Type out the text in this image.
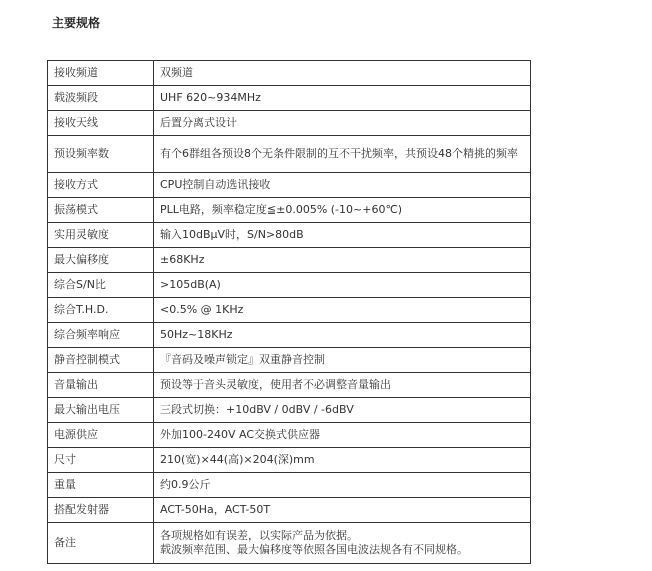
主要规格
接收频道	双频道

载波频段	UHF 620~934MHz

接收天线	后置分离式设计

预设频率数	有个6群组各预设8个无条件限制的互不干扰频率，共预设48个精挑的频率

接收方式	CPU控制自动选讯接收

振荡模式	PLL电路，频率稳定度≦±0.005% (-10~+60℃)

实用灵敏度	输入10dBμV时，S/N>80dB

最大偏移度	±68KHz

综合S/N比	>105dB(A)

综合T.H.D.	<0.5% @ 1KHz

综合频率响应	50Hz~18KHz

静音控制模式	『音码及噪声锁定』双重静音控制

音量输出	预设等于音头灵敏度，使用者不必调整音量输出

最大输出电压	三段式切换：+10dBV / 0dBV / -6dBV

电源供应	外加100-240V AC交换式供应器

尺寸	210(宽)×44(高)×204(深)mm

重量	约0.9公斤

搭配发射器	ACT-50Ha，ACT-50T

备注	各项规格如有误差，以实际产品为依据。
载波频率范围、最大偏移度等依照各国电波法规各有不同规格。
